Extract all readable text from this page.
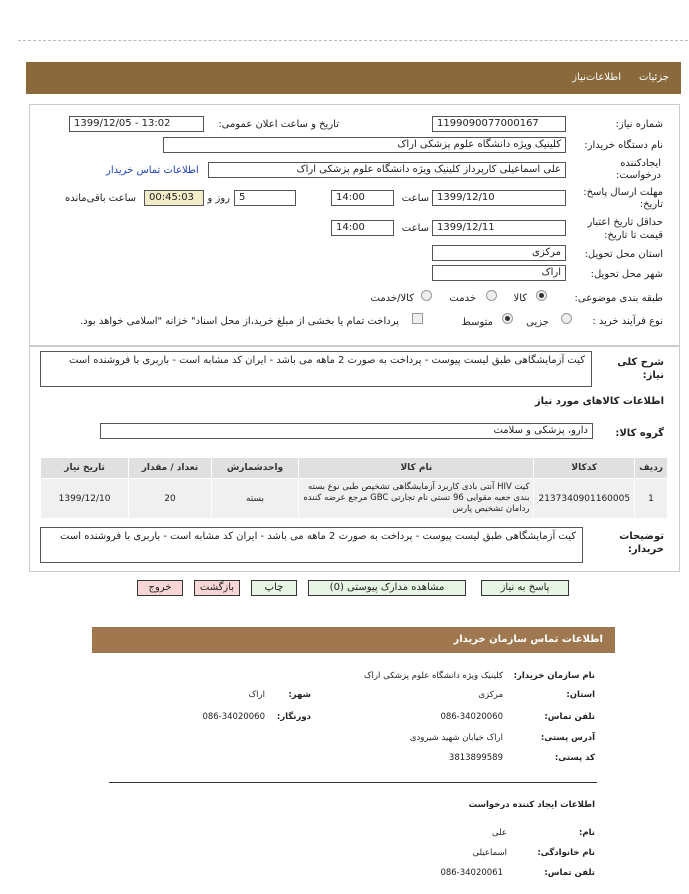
جزئیات
اطلاعات‌نیاز
شماره نیاز:
1199090077000167
تاریخ و ساعت اعلان عمومی:
1399/12/05 - 13:02
نام دستگاه خریدار:
کلینیک ویژه دانشگاه علوم پزشکی اراک
ایجادکننده
درخواست:
علی اسماعیلی کارپرداز کلینیک ویژه دانشگاه علوم پزشکی اراک
اطلاعات تماس خریدار
مهلت ارسال پاسخ:
تاریخ:
1399/12/10
ساعت
14:00
5
روز و
00:45:03
ساعت باقی‌مانده
حداقل تاریخ اعتبار
قیمت تا تاریخ:
1399/12/11
ساعت
14:00
استان محل تحویل:
مرکزی
شهر محل تحویل:
اراک
طبقه بندی موضوعی:
کالا
خدمت
کالا/خدمت
نوع فرآیند خرید :
جزیی
متوسط
پرداخت تمام یا بخشی از مبلغ خرید،از محل اسناد" خزانه "اسلامی خواهد بود.
شرح کلی
نیاز:
کیت آزمایشگاهی طبق لیست پیوست - پرداخت به صورت 2 ماهه می باشد - ایران کد مشابه است - باربری با فروشنده است
اطلاعات کالاهای مورد نیاز
گروه کالا:
دارو، پزشکی و سلامت
ردیف	کدکالا	نام کالا	واحدشمارش	تعداد / مقدار	تاریخ نیاز
1	2137340901160005	کیت HIV آنتی بادی کاربرد آزمایشگاهی تشخیص طبی نوع بسته بندی جعبه مقوایی 96 تستی نام تجارتی GBC مرجع عرضه کننده ردامان تشخیص پارس	بسته	20	1399/12/10
توضیحات
خریدار:
کیت آزمایشگاهی طبق لیست پیوست - پرداخت به صورت 2 ماهه می باشد - ایران کد مشابه است - باربری با فروشنده است
پاسخ به نیاز
مشاهده مدارک پیوستی (0)
چاپ
بازگشت
خروج
اطلاعات تماس سازمان خریدار
نام سازمان خریدار:
کلینیک ویژه دانشگاه علوم پزشکی اراک
استان:
مرکزی
شهر:
اراک
تلفن تماس:
086-34020060
دورنگار:
086-34020060
آدرس پستی:
اراک خیابان شهید شیرودی
کد پستی:
3813899589
اطلاعات ایجاد کننده درخواست
نام:
علی
نام خانوادگی:
اسماعیلی
تلفن تماس:
086-34020061
